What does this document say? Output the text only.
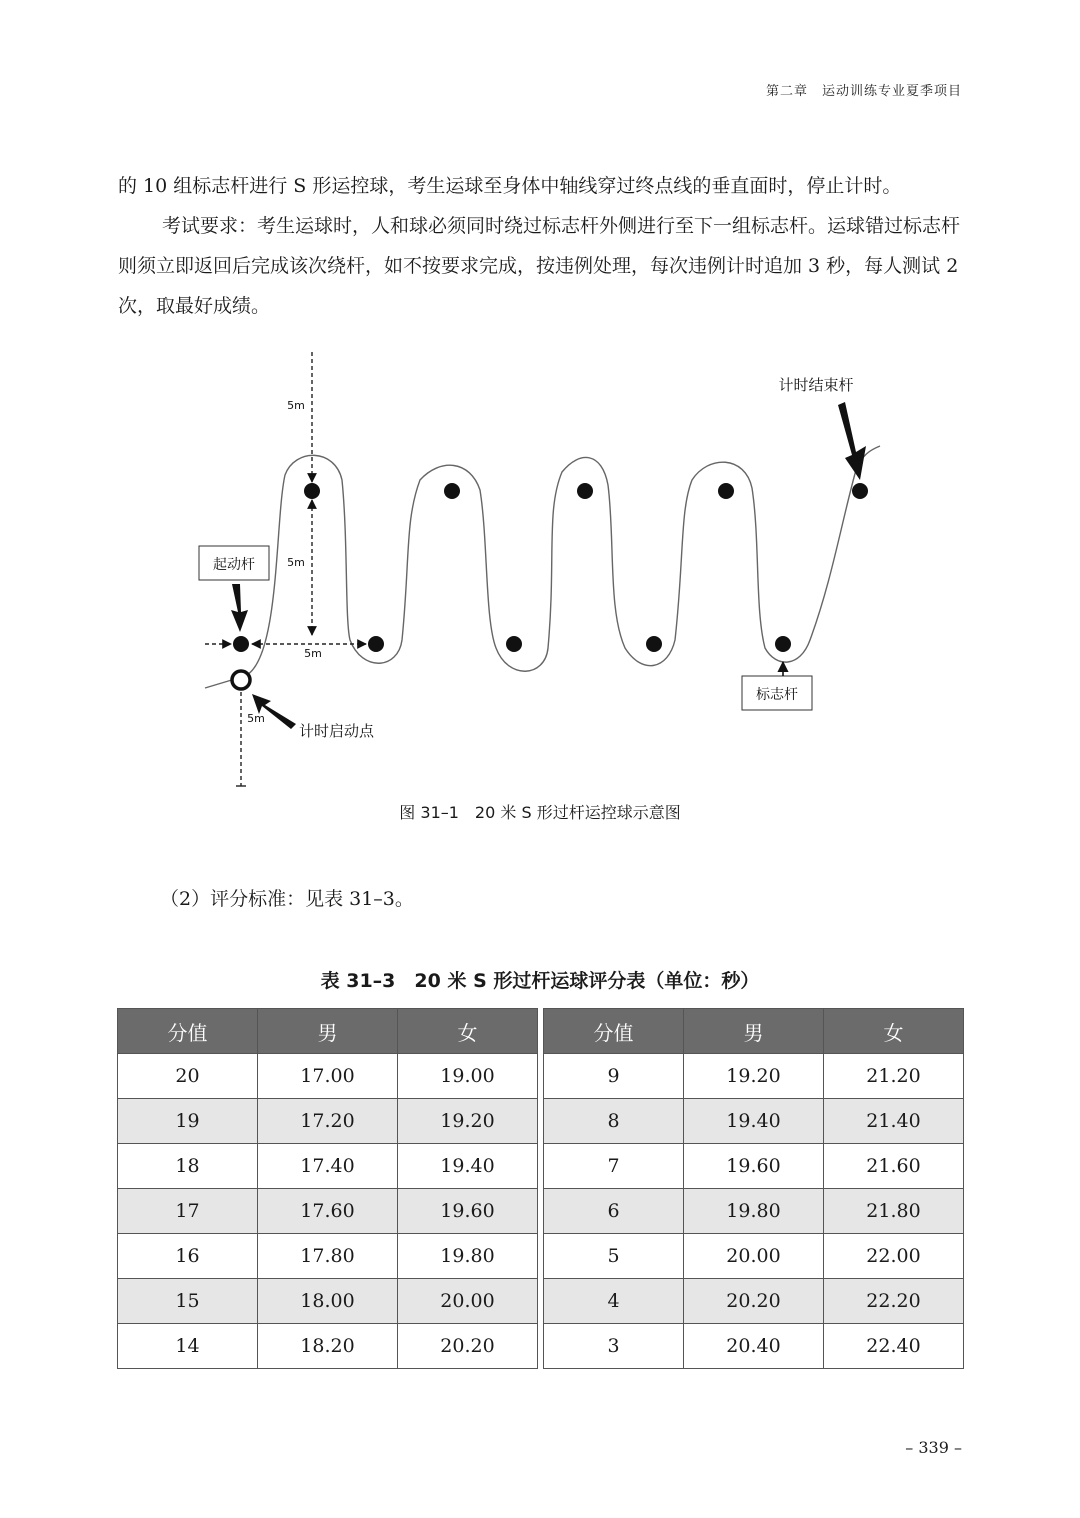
第二章　运动训练专业夏季项目

的 10 组标志杆进行 S 形运控球，考生运球至身体中轴线穿过终点线的垂直面时，停止计时。

考试要求：考生运球时，人和球必须同时绕过标志杆外侧进行至下一组标志杆。运球错过标志杆则须立即返回后完成该次绕杆，如不按要求完成，按违例处理，每次违例计时追加 3 秒，每人测试 2 次，取最好成绩。

起动杆
标志杆
计时结束杆
计时启动点
5m
5m
5m
5m
图 31–1　20 米 S 形过杆运控球示意图
（2）评分标准：见表 31–3。
表 31–3　20 米 S 形过杆运球评分表（单位：秒）
分值	男	女
20	17.00	19.00
19	17.20	19.20
18	17.40	19.40
17	17.60	19.60
16	17.80	19.80
15	18.00	20.00
14	18.20	20.20
分值	男	女
9	19.20	21.20
8	19.40	21.40
7	19.60	21.60
6	19.80	21.80
5	20.00	22.00
4	20.20	22.20
3	20.40	22.40
– 339 –
